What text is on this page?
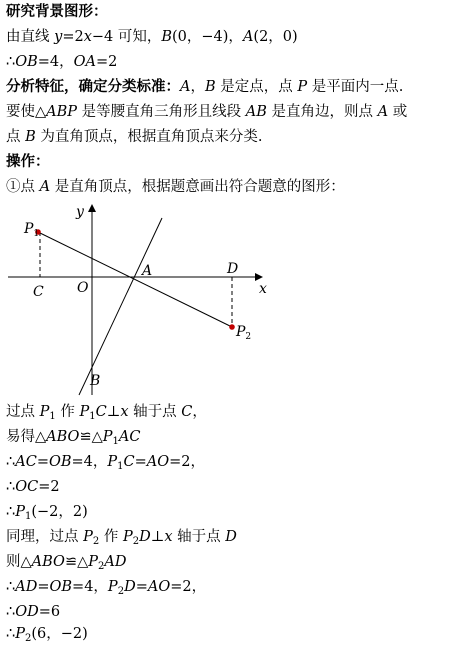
研究背景图形：
由直线 y=2x−4 可知，B(0，−4)，A(2，0)
∴OB=4，OA=2
分析特征，确定分类标准：A，B 是定点，点 P 是平面内一点.
要使△ABP 是等腰直角三角形且线段 AB 是直角边，则点 A 或
点 B 为直角顶点，根据直角顶点来分类.
操作：
①点 A 是直角顶点，根据题意画出符合题意的图形：
y
x
O
A
B
C
D
$P_1$
$P_2$
过点 $P_1$ 作 $P_1C\perp x$ 轴于点 C，
易得$\triangle ABO≌\triangle P_1AC$
∴AC=OB=4，$P_1C=AO=2$，
∴OC=2
$\therefore P_1(-2$，2)
同理，过点 $P_2$ 作 $P_2D\perp x$ 轴于点 D
则$\triangle ABO≌\triangle P_2AD$
∴AD=OB=4，$P_2D=AO=2$，
∴OD=6
$\therefore P_2(6$，−2)
